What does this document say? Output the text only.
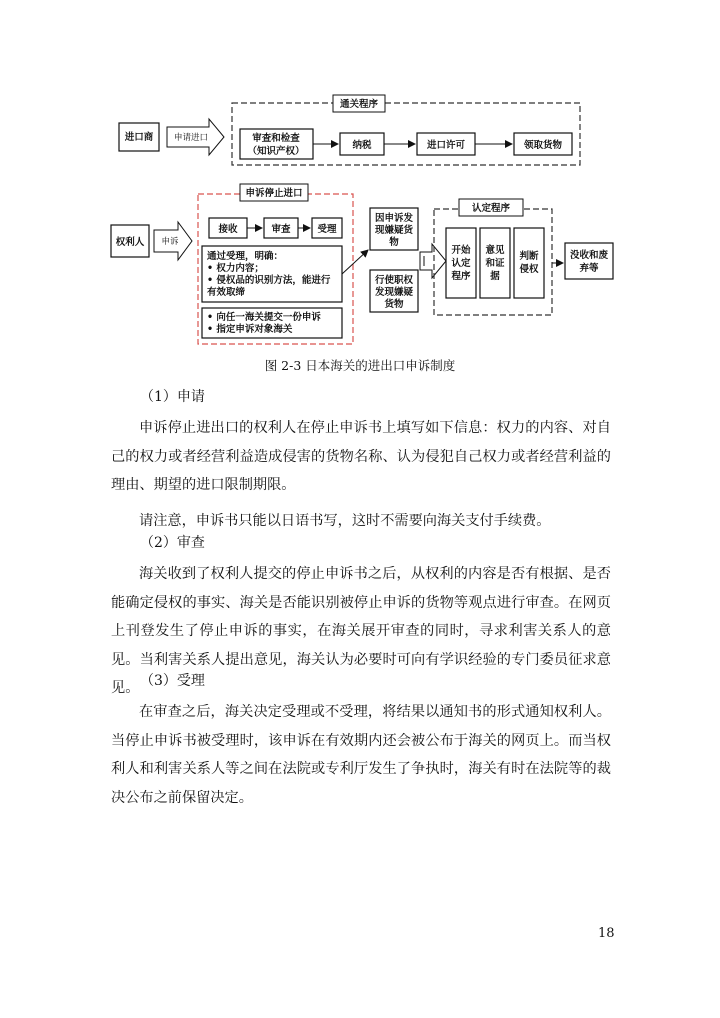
进口商 申请进口
通关程序
审查和检查
（知识产权）
纳税	进口许可	领取货物
权利人 申诉
申诉停止进口
接收	审查	受理
通过受理，明确：
• 权力内容；
• 侵权品的识别方法，能进行
有效取缔
• 向任一海关提交一份申诉
• 指定申诉对象海关
因申诉发
现嫌疑货
物
行使职权
发现嫌疑
货物
认定程序
开始
认定
程序
意见
和证
据
判断
侵权
没收和废
弃等
图 2-3 日本海关的进出口申诉制度
（1）申请

申诉停止进出口的权利人在停止申诉书上填写如下信息：权力的内容、对自己的权力或者经营利益造成侵害的货物名称、认为侵犯自己权力或者经营利益的理由、期望的进口限制期限。

请注意，申诉书只能以日语书写，这时不需要向海关支付手续费。

（2）审查

海关收到了权利人提交的停止申诉书之后，从权利的内容是否有根据、是否能确定侵权的事实、海关是否能识别被停止申诉的货物等观点进行审查。在网页上刊登发生了停止申诉的事实，在海关展开审查的同时，寻求利害关系人的意见。当利害关系人提出意见，海关认为必要时可向有学识经验的专门委员征求意见。 （3）受理

在审查之后，海关决定受理或不受理，将结果以通知书的形式通知权利人。当停止申诉书被受理时，该申诉在有效期内还会被公布于海关的网页上。而当权利人和利害关系人等之间在法院或专利厅发生了争执时，海关有时在法院等的裁决公布之前保留决定。

18
